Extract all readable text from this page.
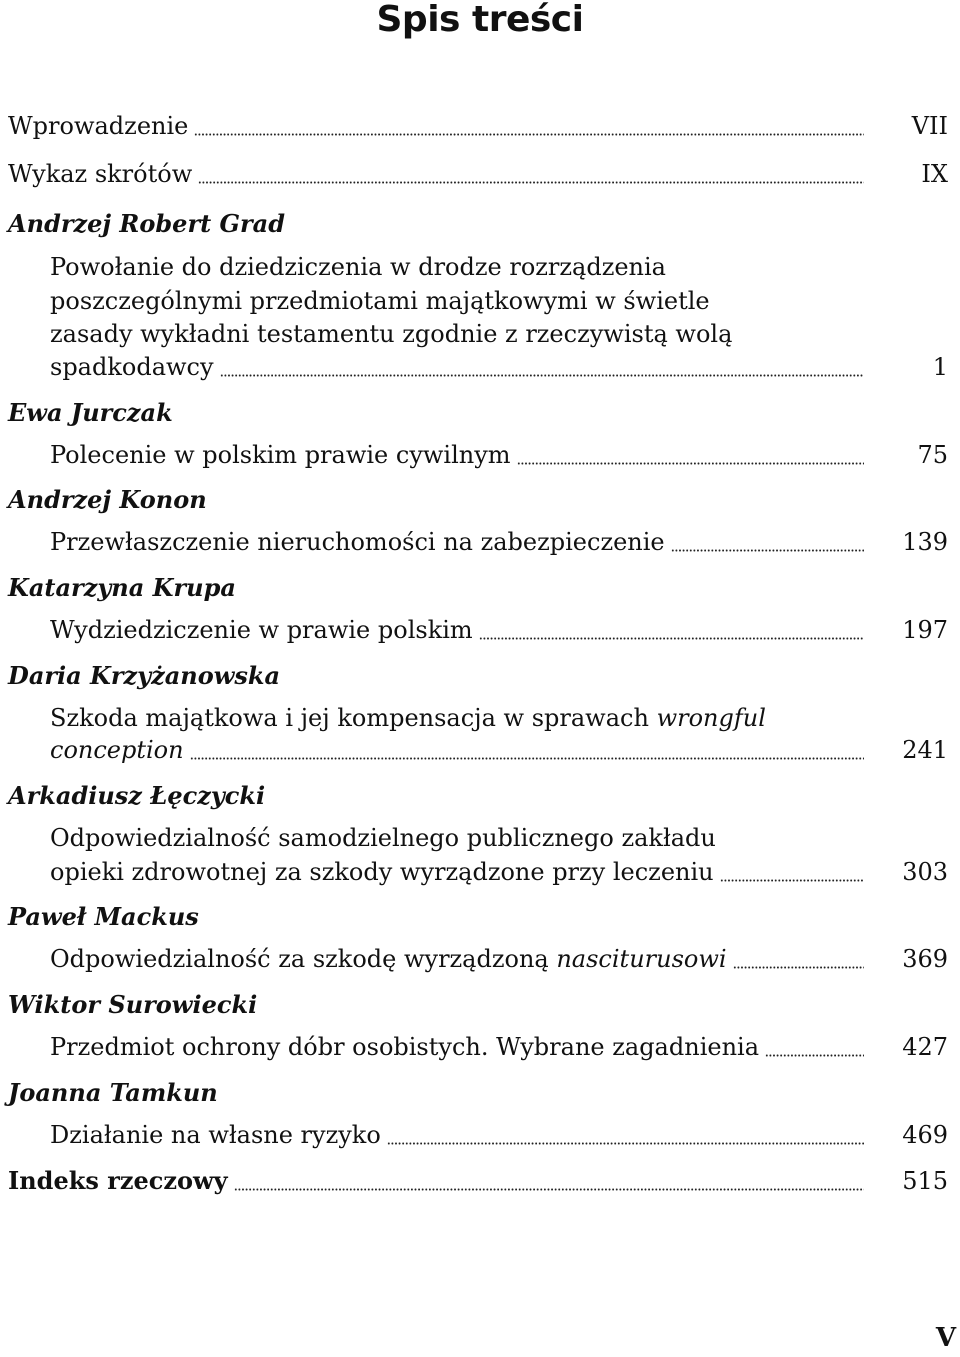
Spis treści
Wprowadzenie	VII
Wykaz skrótów	IX
Andrzej Robert Grad
Powołanie do dziedziczenia w drodze rozrządzenia
poszczególnymi przedmiotami majątkowymi w świetle
zasady wykładni testamentu zgodnie z rzeczywistą wolą
spadkodawcy	1
Ewa Jurczak
Polecenie w polskim prawie cywilnym	75
Andrzej Konon
Przewłaszczenie nieruchomości na zabezpieczenie	139
Katarzyna Krupa
Wydziedziczenie w prawie polskim	197
Daria Krzyżanowska
Szkoda majątkowa i jej kompensacja w sprawach wrongful
conception	241
Arkadiusz Łęczycki
Odpowiedzialność samodzielnego publicznego zakładu
opieki zdrowotnej za szkody wyrządzone przy leczeniu	303
Paweł Mackus
Odpowiedzialność za szkodę wyrządzoną nasciturusowi	369
Wiktor Surowiecki
Przedmiot ochrony dóbr osobistych. Wybrane zagadnienia	427
Joanna Tamkun
Działanie na własne ryzyko	469
Indeks rzeczowy	515
V
